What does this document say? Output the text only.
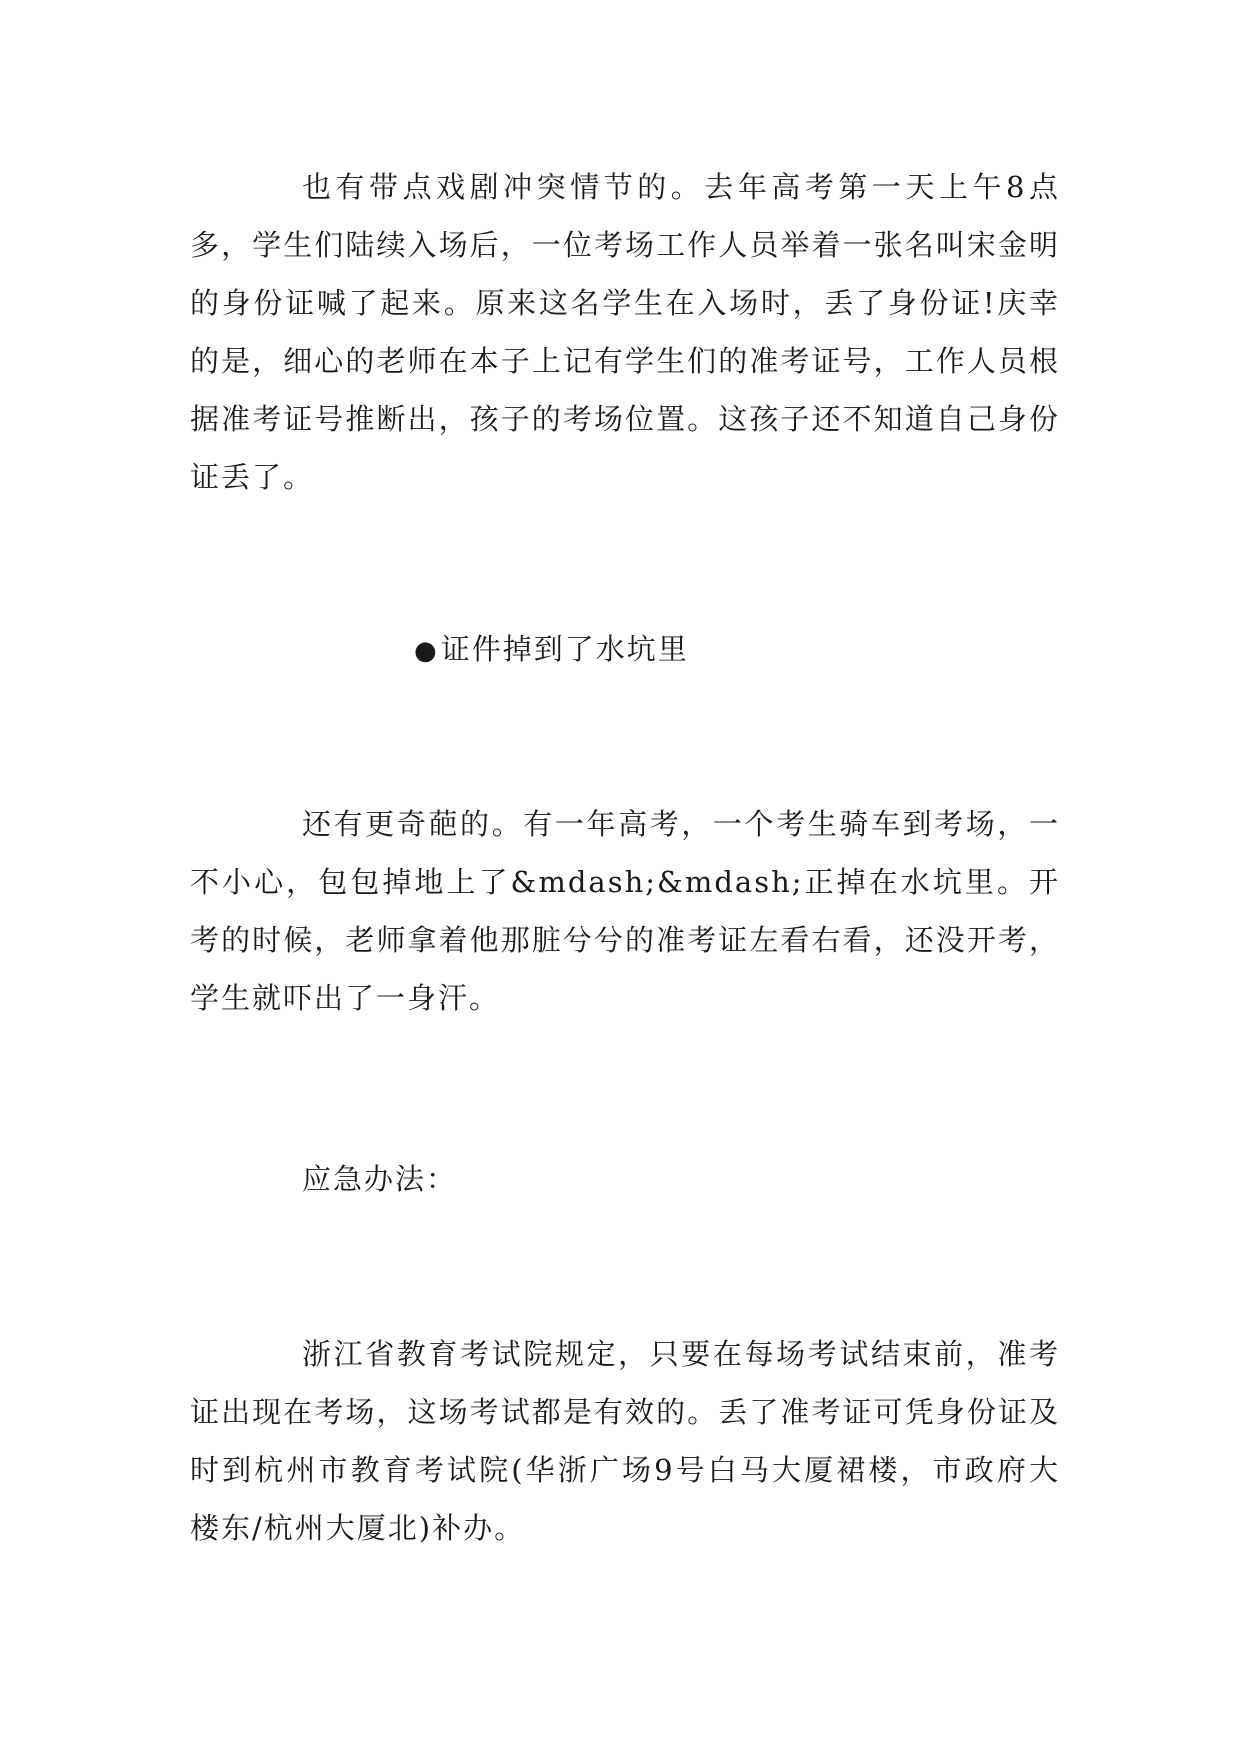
也有带点戏剧冲突情节的。去年高考第一天上午8点多，学生们陆续入场后，一位考场工作人员举着一张名叫宋金明的身份证喊了起来。原来这名学生在入场时，丢了身份证!庆幸的是，细心的老师在本子上记有学生们的准考证号，工作人员根据准考证号推断出，孩子的考场位置。这孩子还不知道自己身份证丢了。

●证件掉到了水坑里

还有更奇葩的。有一年高考，一个考生骑车到考场，一不小心，包包掉地上了&mdash;&mdash;正掉在水坑里。开考的时候，老师拿着他那脏兮兮的准考证左看右看，还没开考，学生就吓出了一身汗。

应急办法：

浙江省教育考试院规定，只要在每场考试结束前，准考证出现在考场，这场考试都是有效的。丢了准考证可凭身份证及时到杭州市教育考试院(华浙广场9号白马大厦裙楼，市政府大楼东/杭州大厦北)补办。
